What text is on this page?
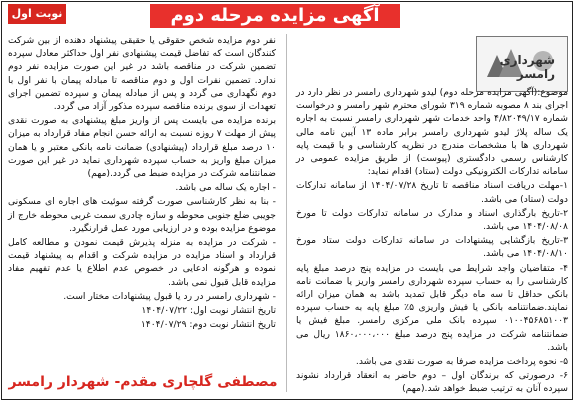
آگهی مزایده مرحله دوم
نوبت اول
شهرداری رامسر

موضوع:(آگهی مزایده مرحله دوم) لیدو شهرداری رامسر در نظر دارد در اجرای بند ۸ مصوبه شماره ۳۱۹ شورای محترم شهر رامسر و درخواست شماره ۴/۸۲۰۴۹/۱۷ واحد خدمات شهر شهرداری رامسر نسبت به اجاره یک ساله پلاژ لیدو شهرداری رامسر برابر ماده ۱۳ آیین نامه مالی شهرداری ها با مشخصات مندرج در نظریه کارشناسی و با قیمت پایه کارشناس رسمی دادگستری (پیوست) از طریق مزایده عمومی در سامانه تدارکات الکترونیکی دولت (ستاد) اقدام نماید:

۱-مهلت دریافت اسناد مناقصه تا تاریخ ۱۴۰۴/۰۷/۲۸ از سامانه تدارکات دولت (ستاد) می باشد.

۲-تاریخ بارگذاری اسناد و مدارک در سامانه تدارکات دولت تا مورخ ۱۴۰۴/۰۸/۰۸ می باشد.

۳-تاریخ بازگشایی پیشنهادات در سامانه تدارکات دولت ستاد مورخ ۱۴۰۴/۰۸/۱۰ می باشد.

۴- متقاضیان واجد شرایط می بایست در مزایده پنج درصد مبلغ پایه کارشناسی را به حساب سپرده شهرداری رامسر واریز یا ضمانت نامه بانکی حداقل تا سه ماه دیگر قابل تمدید باشد به همان میزان ارائه نمایند.ضمانتنامه بانکی یا فیش واریزی ۵٪ مبلغ پایه به حساب سپرده ۰۱۰۰۴۵۶۸۵۱۰۰۳ سپرده بانک ملی مرکزی رامسر. مبلغ فیش یا ضمانتنامه شرکت در مزایده پنج درصد مبلغ ۱۸۶۰،۰۰۰،۰۰۰ ریال می باشد.

۵- نحوه پرداخت مزایده صرفا به صورت نقدی می باشد.

۶- درصورتی که برندگان اول – دوم حاضر به انعقاد قرارداد نشوند سپرده آنان به ترتیب ضبط خواهد شد.(مهم)

نفر دوم مزایده شخص حقوقی یا حقیقی پیشنهاد دهنده از بین شرکت کنندگان است که تفاضل قیمت پیشنهادی نفر اول حداکثر معادل سپرده تضمین شرکت در مناقصه باشد در غیر این صورت مزایده نفر دوم ندارد. تضمین نفرات اول و دوم مناقصه تا مبادله پیمان با نفر اول با دوم نگهداری می گردد و پس از مبادله پیمان و سپرده تضمین اجرای تعهدات از سوی برنده مناقصه سپرده مذکور آزاد می گردد.

برنده مزایده می بایست پس از واریز مبلغ پیشنهادی به صورت نقدی پیش از مهلت ۷ روزه نسبت به ارائه حسن انجام مفاد قرارداد به میزان ۱۰ درصد مبلغ قرارداد (پیشنهادی) ضمانت نامه بانکی معتبر و یا همان میزان مبلغ واریز به حساب سپرده شهرداری نماید در غیر این صورت ضمانتنامه شرکت در مزایده ضبط می گردد.(مهم)

- اجاره یک ساله می باشد.

- بنا به نظر کارشناسی صورت گرفته سوئیت های اجاره ای مسکونی جویبی ضلع جنوبی محوطه و سازه چادری سمت غربی محوطه خارج از موضوع مزایده بوده و در ارزیابی مورد عمل قرارنگیرد.

- شرکت در مزایده به منزله پذیرش قیمت نمودن و مطالعه کامل قرارداد و اسناد مزایده در مزایده شرکت و اقدام به پیشنهاد قیمت نموده و هرگونه ادعایی در خصوص عدم اطلاع یا عدم تفهیم مفاد مزایده قابل قبول نمی باشد.

- شهرداری رامسر در رد یا قبول پیشنهادات مختار است.

تاریخ انتشار نوبت اول: ۱۴۰۴/۰۷/۲۲

تاریخ انتشار نوبت دوم: ۱۴۰۴/۰۷/۲۹

مصطفی گلچاری مقدم- شهردار رامسر
